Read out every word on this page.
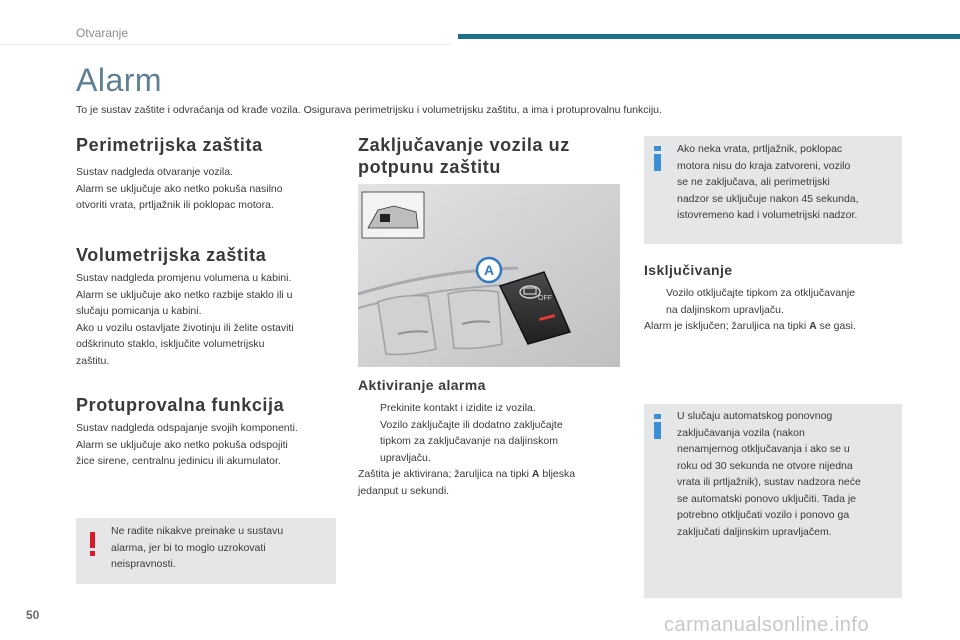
Otvaranje
Alarm
To je sustav zaštite i odvraćanja od krađe vozila. Osigurava perimetrijsku i volumetrijsku zaštitu, a ima i protuprovalnu funkciju.
Perimetrijska zaštita
Sustav nadgleda otvaranje vozila.
Alarm se uključuje ako netko pokuša nasilno
otvoriti vrata, prtljažnik ili poklopac motora.
Volumetrijska zaštita
Sustav nadgleda promjenu volumena u kabini.
Alarm se uključuje ako netko razbije staklo ili u
slučaju pomicanja u kabini.
Ako u vozilu ostavljate životinju ili želite ostaviti
odškrinuto staklo, isključite volumetrijsku
zaštitu.
Protuprovalna funkcija
Sustav nadgleda odspajanje svojih komponenti.
Alarm se uključuje ako netko pokuša odspojiti
žice sirene, centralnu jedinicu ili akumulator.
Ne radite nikakve preinake u sustavu
alarma, jer bi to moglo uzrokovati
neispravnosti.
Zaključavanje vozila uz
potpunu zaštitu
OFF
A
Aktiviranje alarma
Prekinite kontakt i izidite iz vozila.
Vozilo zaključajte ili dodatno zaključajte
tipkom za zaključavanje na daljinskom
upravljaču.
Zaštita je aktivirana; žaruljica na tipki A bljeska
jedanput u sekundi.
Ako neka vrata, prtljažnik, poklopac
motora nisu do kraja zatvoreni, vozilo
se ne zaključava, ali perimetrijski
nadzor se uključuje nakon 45 sekunda,
istovremeno kad i volumetrijski nadzor.
Isključivanje
Vozilo otključajte tipkom za otključavanje
na daljinskom upravljaču.
Alarm je isključen; žaruljica na tipki A se gasi.
U slučaju automatskog ponovnog
zaključavanja vozila (nakon
nenamjernog otključavanja i ako se u
roku od 30 sekunda ne otvore nijedna
vrata ili prtljažnik), sustav nadzora neće
se automatski ponovo uključiti. Tada je
potrebno otključati vozilo i ponovo ga
zaključati daljinskim upravljačem.
50	carmanualsonline.info
